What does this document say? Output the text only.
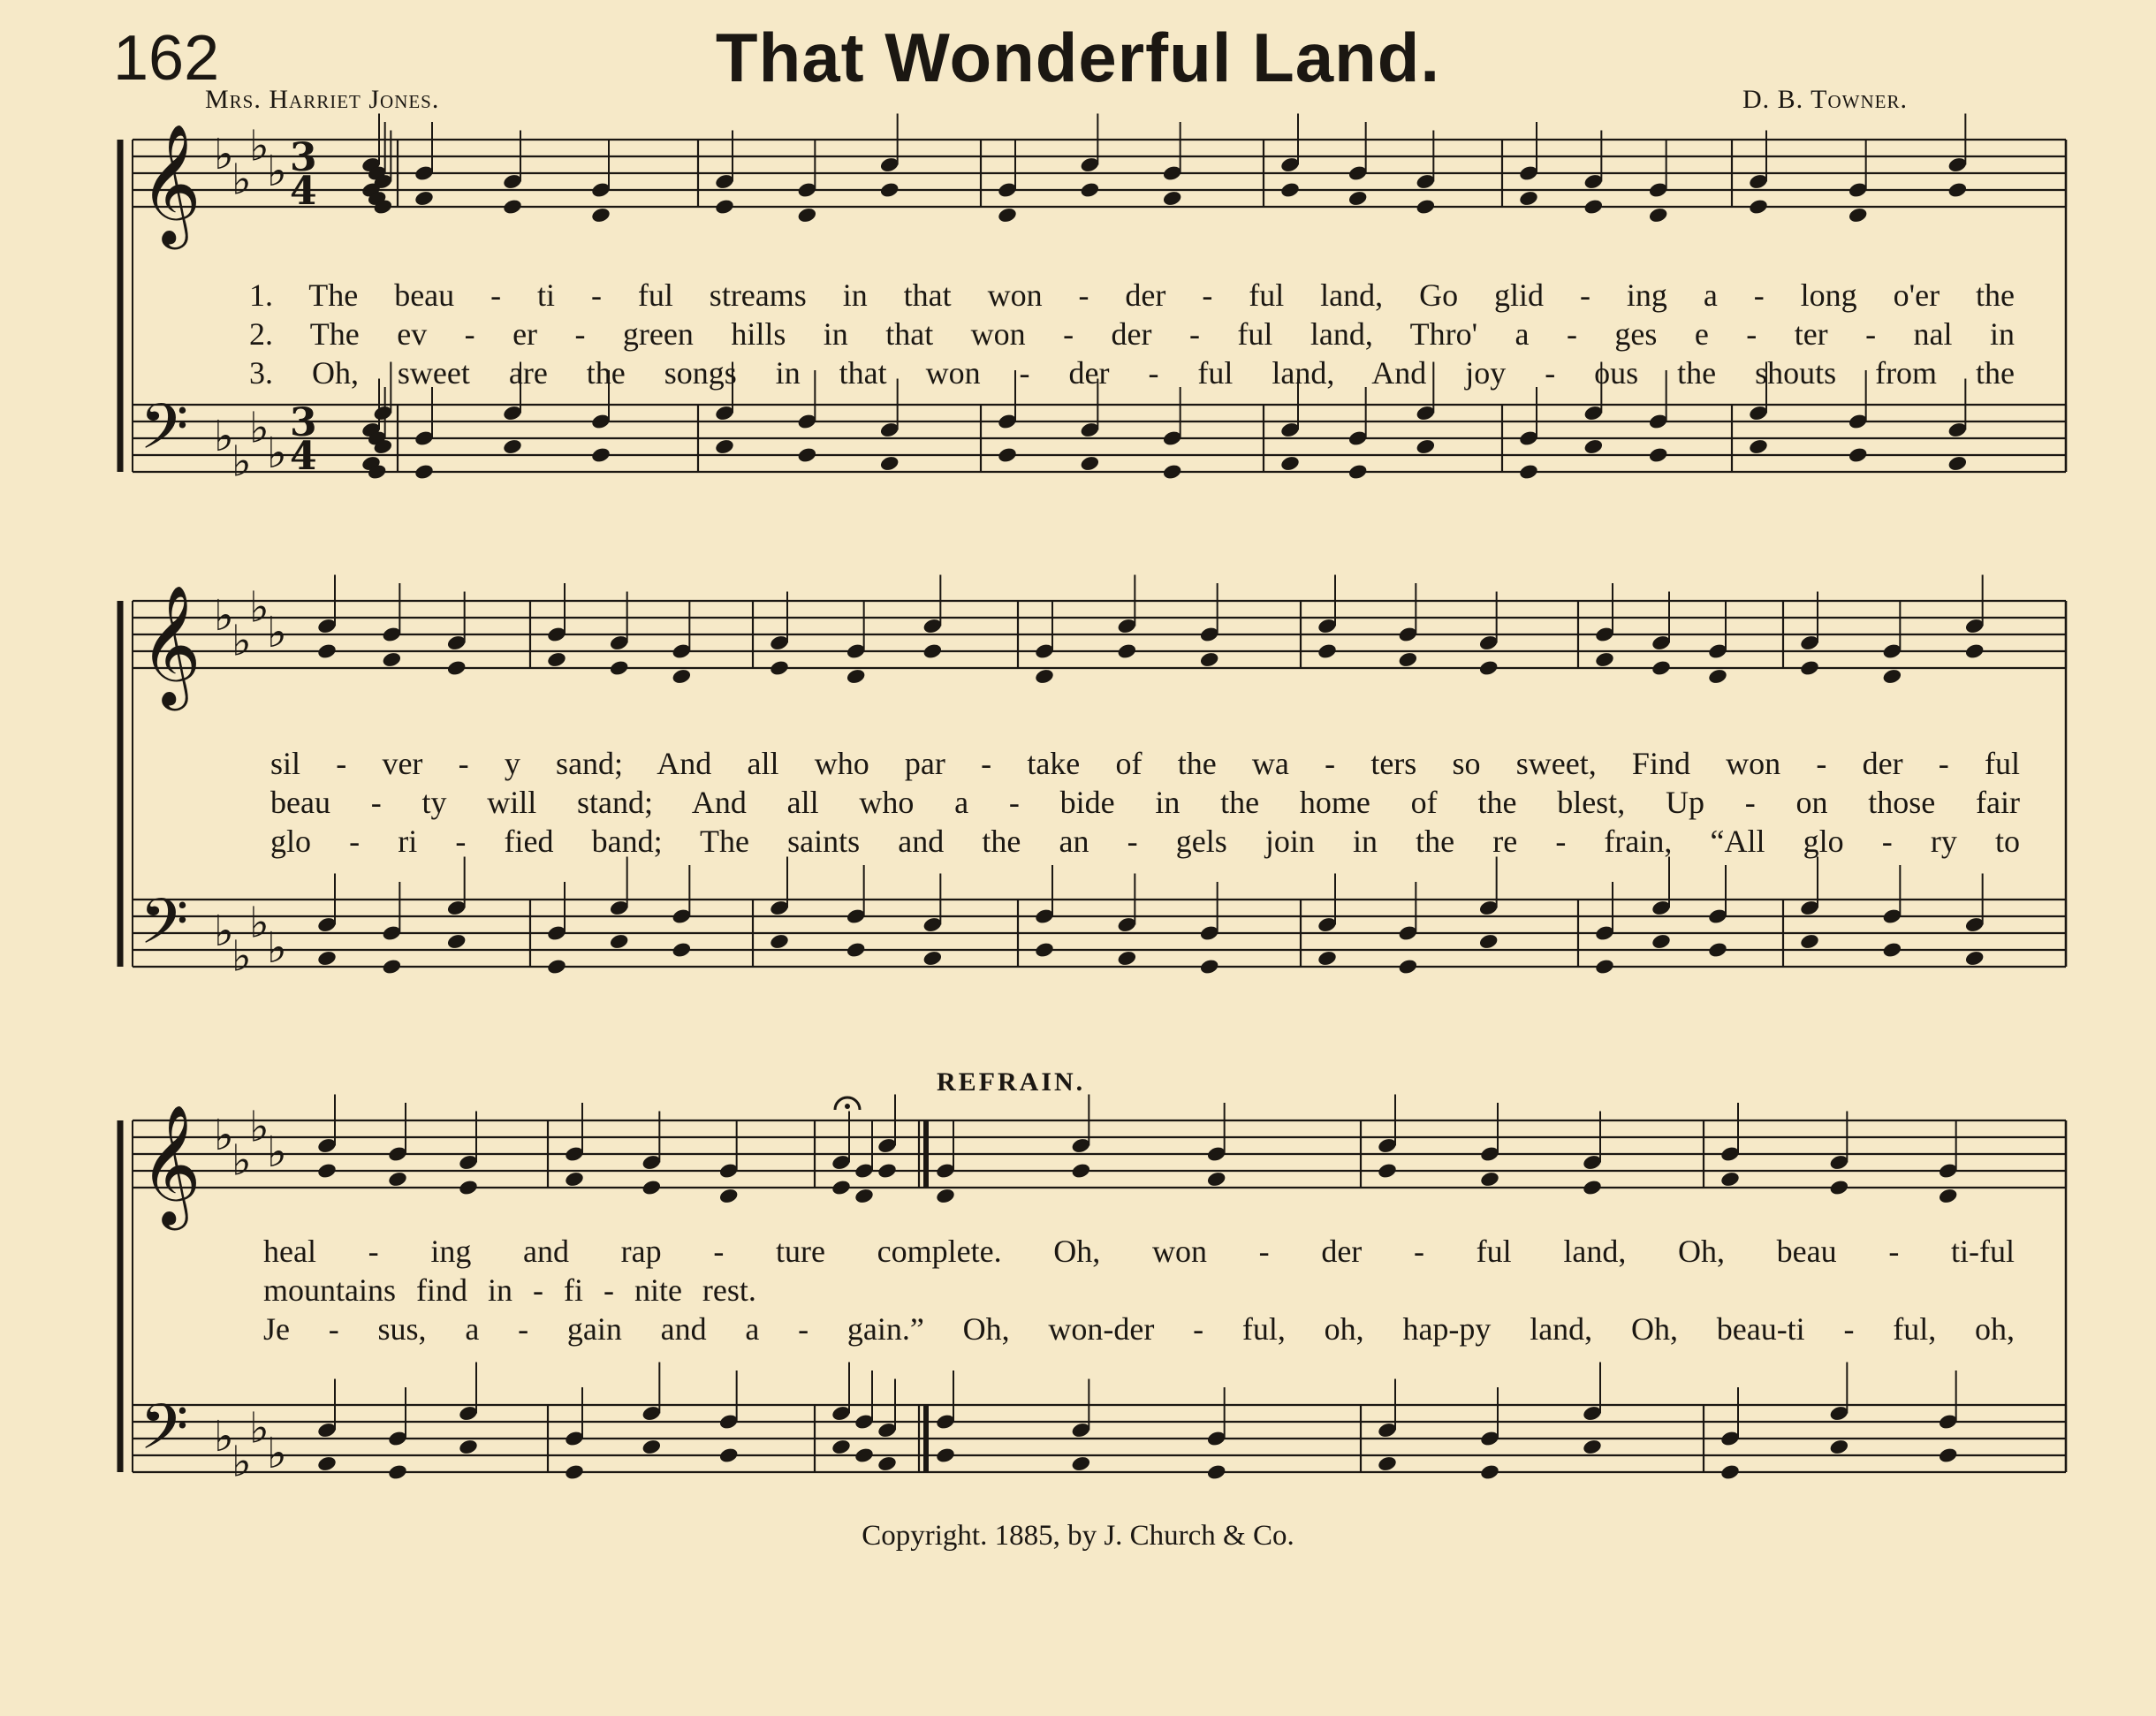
162	That Wonderful Land.
Mrs. Harriet Jones.	D. B. Towner.
𝄞
𝄢
♭
♭
♭
♭
♭
♭
♭
♭
3
4
3
4
𝄞
𝄢
♭
♭
♭
♭
♭
♭
♭
♭
𝄞
𝄢
♭
♭
♭
♭
♭
♭
♭
♭
1. The beau - ti - ful streams in that won - der - ful land, Go glid - ing a - long o'er the
2. The ev - er - green hills in that won - der - ful land, Thro' a - ges e - ter - nal in
3. Oh, sweet are the songs in that won - der - ful land, And joy - ous the shouts from the
sil - ver - y sand; And all who par - take of the wa - ters so sweet, Find won - der - ful
beau - ty will stand; And all who a - bide in the home of the blest, Up - on those fair
glo - ri - fied band; The saints and the an - gels join in the re - frain, “All glo - ry to
heal - ing and rap - ture complete. Oh, won - der - ful land, Oh, beau - ti-ful
mountains find in - fi - nite rest.
Je - sus, a - gain and a - gain.” Oh, won-der - ful, oh, hap-py land, Oh, beau-ti - ful, oh,
REFRAIN.
Copyright. 1885, by J. Church & Co.
